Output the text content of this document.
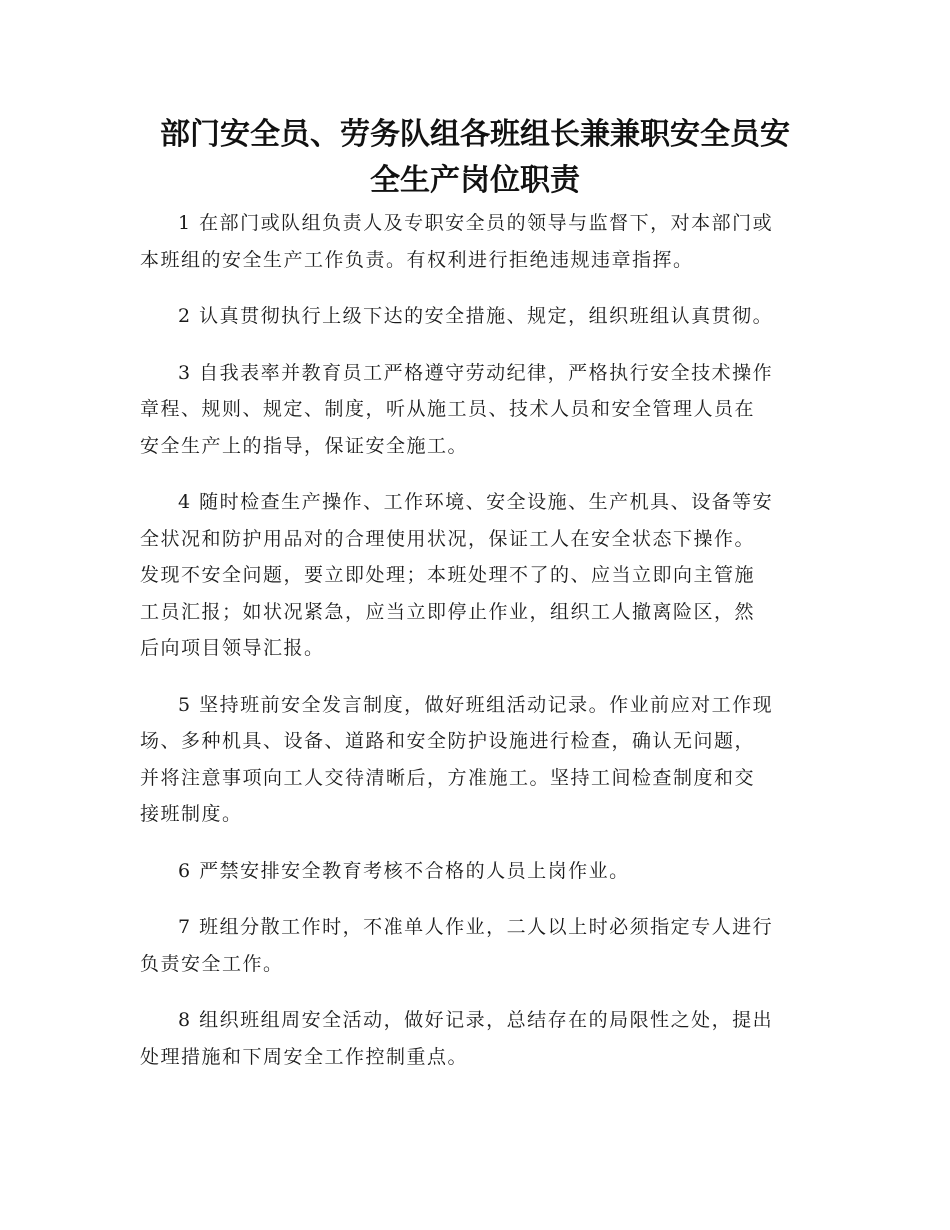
部门安全员、劳务队组各班组长兼兼职安全员安
全生产岗位职责

1 在部门或队组负责人及专职安全员的领导与监督下，对本部门或
本班组的安全生产工作负责。有权利进行拒绝违规违章指挥。

2 认真贯彻执行上级下达的安全措施、规定，组织班组认真贯彻。

3 自我表率并教育员工严格遵守劳动纪律，严格执行安全技术操作
章程、规则、规定、制度，听从施工员、技术人员和安全管理人员在
安全生产上的指导，保证安全施工。

4 随时检查生产操作、工作环境、安全设施、生产机具、设备等安
全状况和防护用品对的合理使用状况，保证工人在安全状态下操作。
发现不安全问题，要立即处理；本班处理不了的、应当立即向主管施
工员汇报；如状况紧急，应当立即停止作业，组织工人撤离险区，然
后向项目领导汇报。

5 坚持班前安全发言制度，做好班组活动记录。作业前应对工作现
场、多种机具、设备、道路和安全防护设施进行检查，确认无问题，
并将注意事项向工人交待清晰后，方准施工。坚持工间检查制度和交
接班制度。

6 严禁安排安全教育考核不合格的人员上岗作业。

7 班组分散工作时，不准单人作业，二人以上时必须指定专人进行
负责安全工作。

8 组织班组周安全活动，做好记录，总结存在的局限性之处，提出
处理措施和下周安全工作控制重点。
